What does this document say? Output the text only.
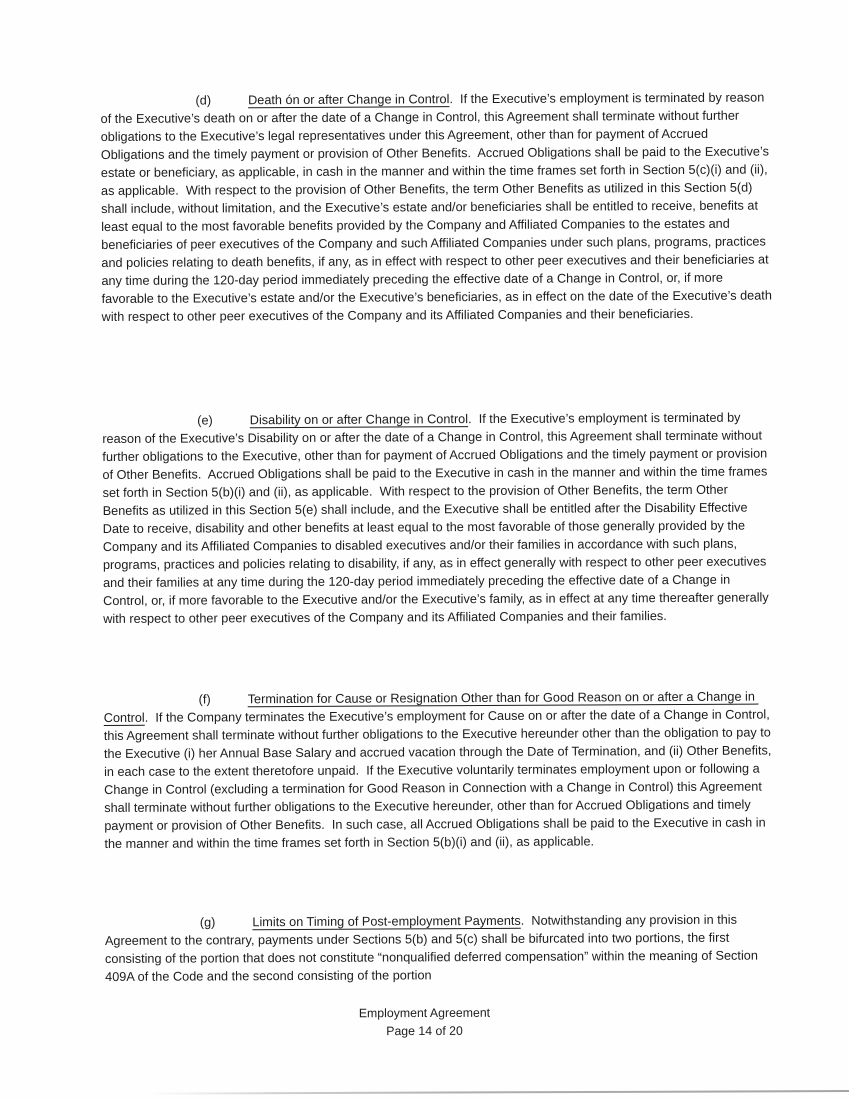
(d)	Death ón or after Change in Control.  If the Executive’s employment is terminated by reason of the Executive’s death on or after the date of a Change in Control, this Agreement shall terminate without further obligations to the Executive’s legal representatives under this Agreement, other than for payment of Accrued Obligations and the timely payment or provision of Other Benefits.  Accrued Obligations shall be paid to the Executive’s estate or beneficiary, as applicable, in cash in the manner and within the time frames set forth in Section 5(c)(i) and (ii), as applicable.  With respect to the provision of Other Benefits, the term Other Benefits as utilized in this Section 5(d) shall include, without limitation, and the Executive’s estate and/or beneficiaries shall be entitled to receive, benefits at least equal to the most favorable benefits provided by the Company and Affiliated Companies to the estates and beneficiaries of peer executives of the Company and such Affiliated Companies under such plans, programs, practices and policies relating to death benefits, if any, as in effect with respect to other peer executives and their beneficiaries at any time during the 120-day period immediately preceding the effective date of a Change in Control, or, if more favorable to the Executive’s estate and/or the Executive’s beneficiaries, as in effect on the date of the Executive’s death with respect to other peer executives of the Company and its Affiliated Companies and their beneficiaries.

(e)	Disability on or after Change in Control.  If the Executive’s employment is terminated by reason of the Executive’s Disability on or after the date of a Change in Control, this Agreement shall terminate without further obligations to the Executive, other than for payment of Accrued Obligations and the timely payment or provision of Other Benefits.  Accrued Obligations shall be paid to the Executive in cash in the manner and within the time frames set forth in Section 5(b)(i) and (ii), as applicable.  With respect to the provision of Other Benefits, the term Other Benefits as utilized in this Section 5(e) shall include, and the Executive shall be entitled after the Disability Effective Date to receive, disability and other benefits at least equal to the most favorable of those generally provided by the Company and its Affiliated Companies to disabled executives and/or their families in accordance with such plans, programs, practices and policies relating to disability, if any, as in effect generally with respect to other peer executives and their families at any time during the 120-day period immediately preceding the effective date of a Change in Control, or, if more favorable to the Executive and/or the Executive’s family, as in effect at any time thereafter generally with respect to other peer executives of the Company and its Affiliated Companies and their families.

(f)	Termination for Cause or Resignation Other than for Good Reason on or after a Change in Control.  If the Company terminates the Executive’s employment for Cause on or after the date of a Change in Control, this Agreement shall terminate without further obligations to the Executive hereunder other than the obligation to pay to the Executive (i) her Annual Base Salary and accrued vacation through the Date of Termination, and (ii) Other Benefits, in each case to the extent theretofore unpaid.  If the Executive voluntarily terminates employment upon or following a Change in Control (excluding a termination for Good Reason in Connection with a Change in Control) this Agreement shall terminate without further obligations to the Executive hereunder, other than for Accrued Obligations and timely payment or provision of Other Benefits.  In such case, all Accrued Obligations shall be paid to the Executive in cash in the manner and within the time frames set forth in Section 5(b)(i) and (ii), as applicable.

(g)	Limits on Timing of Post-employment Payments.  Notwithstanding any provision in this Agreement to the contrary, payments under Sections 5(b) and 5(c) shall be bifurcated into two portions, the first consisting of the portion that does not constitute “nonqualified deferred compensation” within the meaning of Section 409A of the Code and the second consisting of the portion

Employment Agreement
Page 14 of 20
